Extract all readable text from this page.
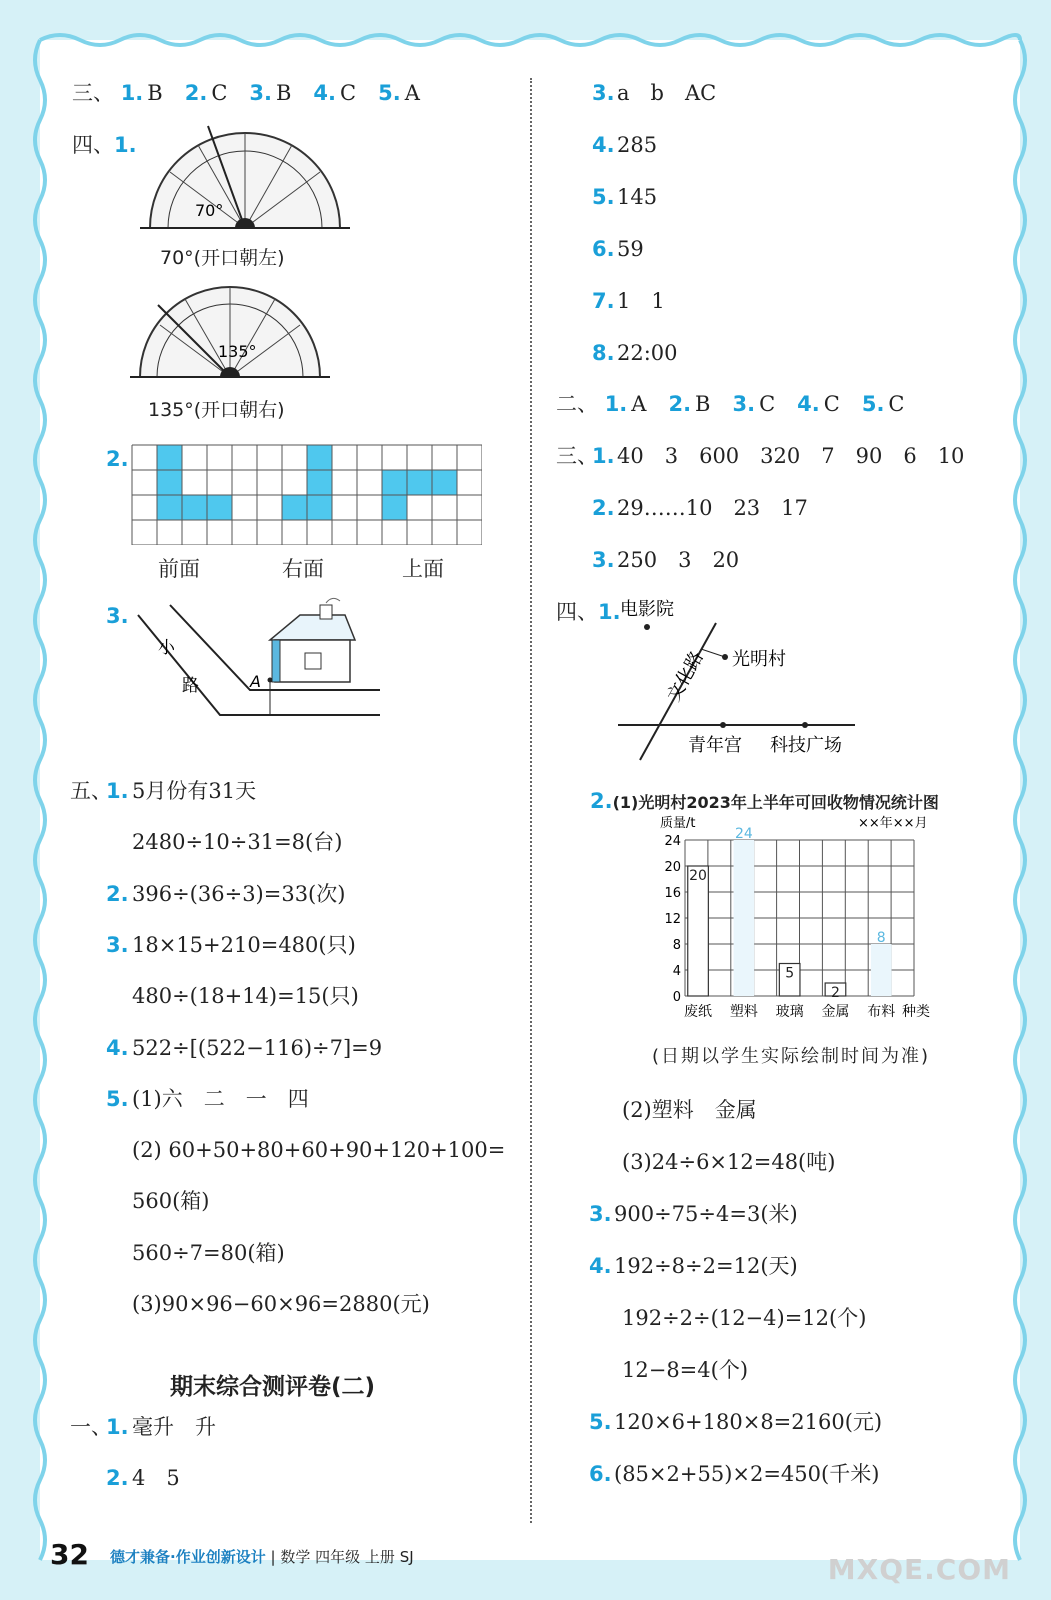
三、 1. B 2. C 3. B 4. C 5. A
四、1.
70°
70°(开口朝左)
135°
135°(开口朝右)
2.
前面	右面	上面
3.
小
路	A
五、
1. 5月份有31天
2480÷10÷31=8(台)
2. 396÷(36÷3)=33(次)
3. 18×15+210=480(只)
480÷(18+14)=15(只)
4. 522÷[(522−116)÷7]=9
5. (1)六　二　一　四
(2) 60+50+80+60+90+120+100=
560(箱)
560÷7=80(箱)
(3)90×96−60×96=2880(元)
期末综合测评卷(二)
一、
1. 毫升　升
2. 4　5
3. a　b　AC
4. 285
5. 145
6. 59
7. 1　1
8. 22:00
二、 1. A 2. B 3. C 4. C 5. C
三、
1. 40　3　600　320　7　90　6　10
2. 29……10　23　17
3. 250　3　20
四、1. 电影院
文化路 光明村
青年宫 科技广场
2.(1)光明村2023年上半年可回收物情况统计图
0
4
8
12
16
20
24
质量/t	××年××月
20
废纸
24
塑料
5
玻璃
2
金属
8
布料 种类
(日期以学生实际绘制时间为准)
(2)塑料　金属
(3)24÷6×12=48(吨)
3. 900÷75÷4=3(米)
4. 192÷8÷2=12(天)
192÷2÷(12−4)=12(个)
12−8=4(个)
5. 120×6+180×8=2160(元)
6. (85×2+55)×2=450(千米)
32 德才兼备·作业创新设计 | 数学 四年级 上册 SJ	MXQE.COM
